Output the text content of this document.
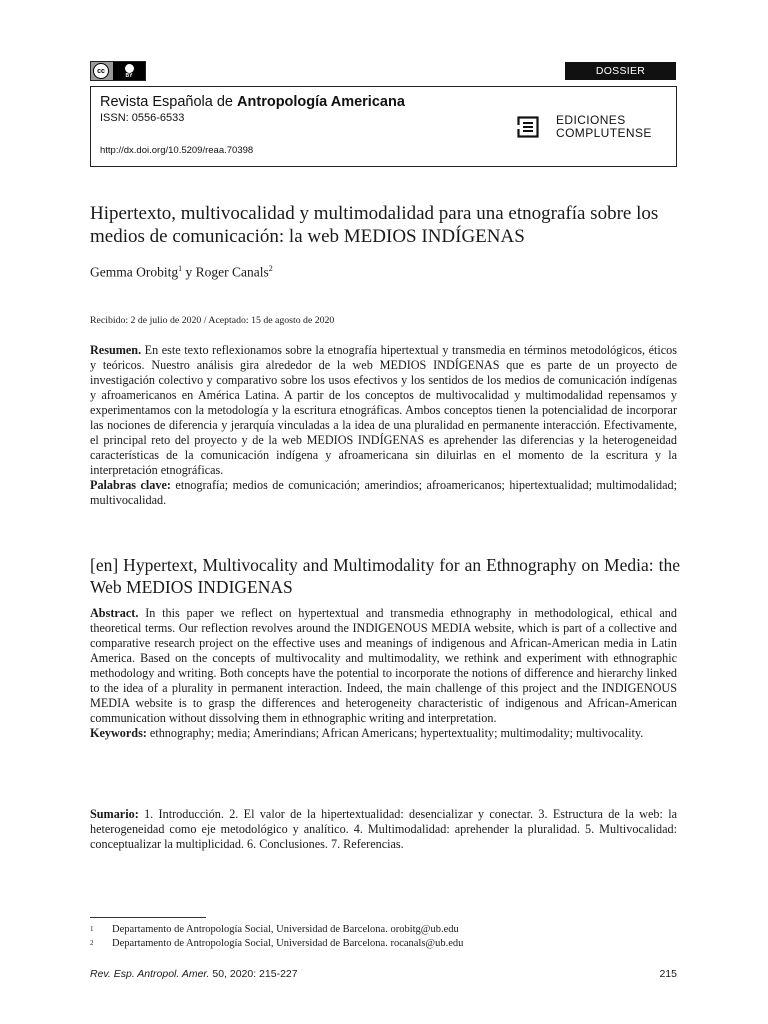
cc
BY	DOSSIER
Revista Española de Antropología Americana
ISSN: 0556-6533
http://dx.doi.org/10.5209/reaa.70398
EDICIONES
COMPLUTENSE
Hipertexto, multivocalidad y multimodalidad para una etnografía sobre los medios de comunicación: la web MEDIOS INDÍGENAS
Gemma Orobitg$^1$ y Roger Canals$^2$
Recibido: 2 de julio de 2020 / Aceptado: 15 de agosto de 2020
Resumen. En este texto reflexionamos sobre la etnografía hipertextual y transmedia en términos metodológicos, éticos y teóricos. Nuestro análisis gira alrededor de la web MEDIOS INDÍGENAS que es parte de un proyecto de investigación colectivo y comparativo sobre los usos efectivos y los sentidos de los medios de comunicación indígenas y afroamericanos en América Latina. A partir de los conceptos de multivocalidad y multimodalidad repensamos y experimentamos con la metodología y la escritura etnográficas. Ambos conceptos tienen la potencialidad de incorporar las nociones de diferencia y jerarquía vinculadas a la idea de una pluralidad en permanente interacción. Efectivamente, el principal reto del proyecto y de la web MEDIOS INDÍGENAS es aprehender las diferencias y la heterogeneidad características de la comunicación indígena y afroamericana sin diluirlas en el momento de la escritura y la interpretación etnográficas.
Palabras clave: etnografía; medios de comunicación; amerindios; afroamericanos; hipertextualidad; multimodalidad; multivocalidad.
[en] Hypertext, Multivocality and Multimodality for an Ethnography on Media: the Web MEDIOS INDIGENAS
Abstract. In this paper we reflect on hypertextual and transmedia ethnography in methodological, ethical and theoretical terms. Our reflection revolves around the INDIGENOUS MEDIA website, which is part of a collective and comparative research project on the effective uses and meanings of indigenous and African-American media in Latin America. Based on the concepts of multivocality and multimodality, we rethink and experiment with ethnographic methodology and writing. Both concepts have the potential to incorporate the notions of difference and hierarchy linked to the idea of a plurality in permanent interaction. Indeed, the main challenge of this project and the INDIGENOUS MEDIA website is to grasp the differences and heterogeneity characteristic of indigenous and African-American communication without dissolving them in ethnographic writing and interpretation.
Keywords: ethnography; media; Amerindians; African Americans; hypertextuality; multimodality; multivocality.
Sumario: 1. Introducción. 2. El valor de la hipertextualidad: desencializar y conectar. 3. Estructura de la web: la heterogeneidad como eje metodológico y analítico. 4. Multimodalidad: aprehender la pluralidad. 5. Multivocalidad: conceptualizar la multiplicidad. 6. Conclusiones. 7. Referencias.
1 Departamento de Antropología Social, Universidad de Barcelona. orobitg@ub.edu
2 Departamento de Antropología Social, Universidad de Barcelona. rocanals@ub.edu
Rev. Esp. Antropol. Amer. 50, 2020: 215-227	215
